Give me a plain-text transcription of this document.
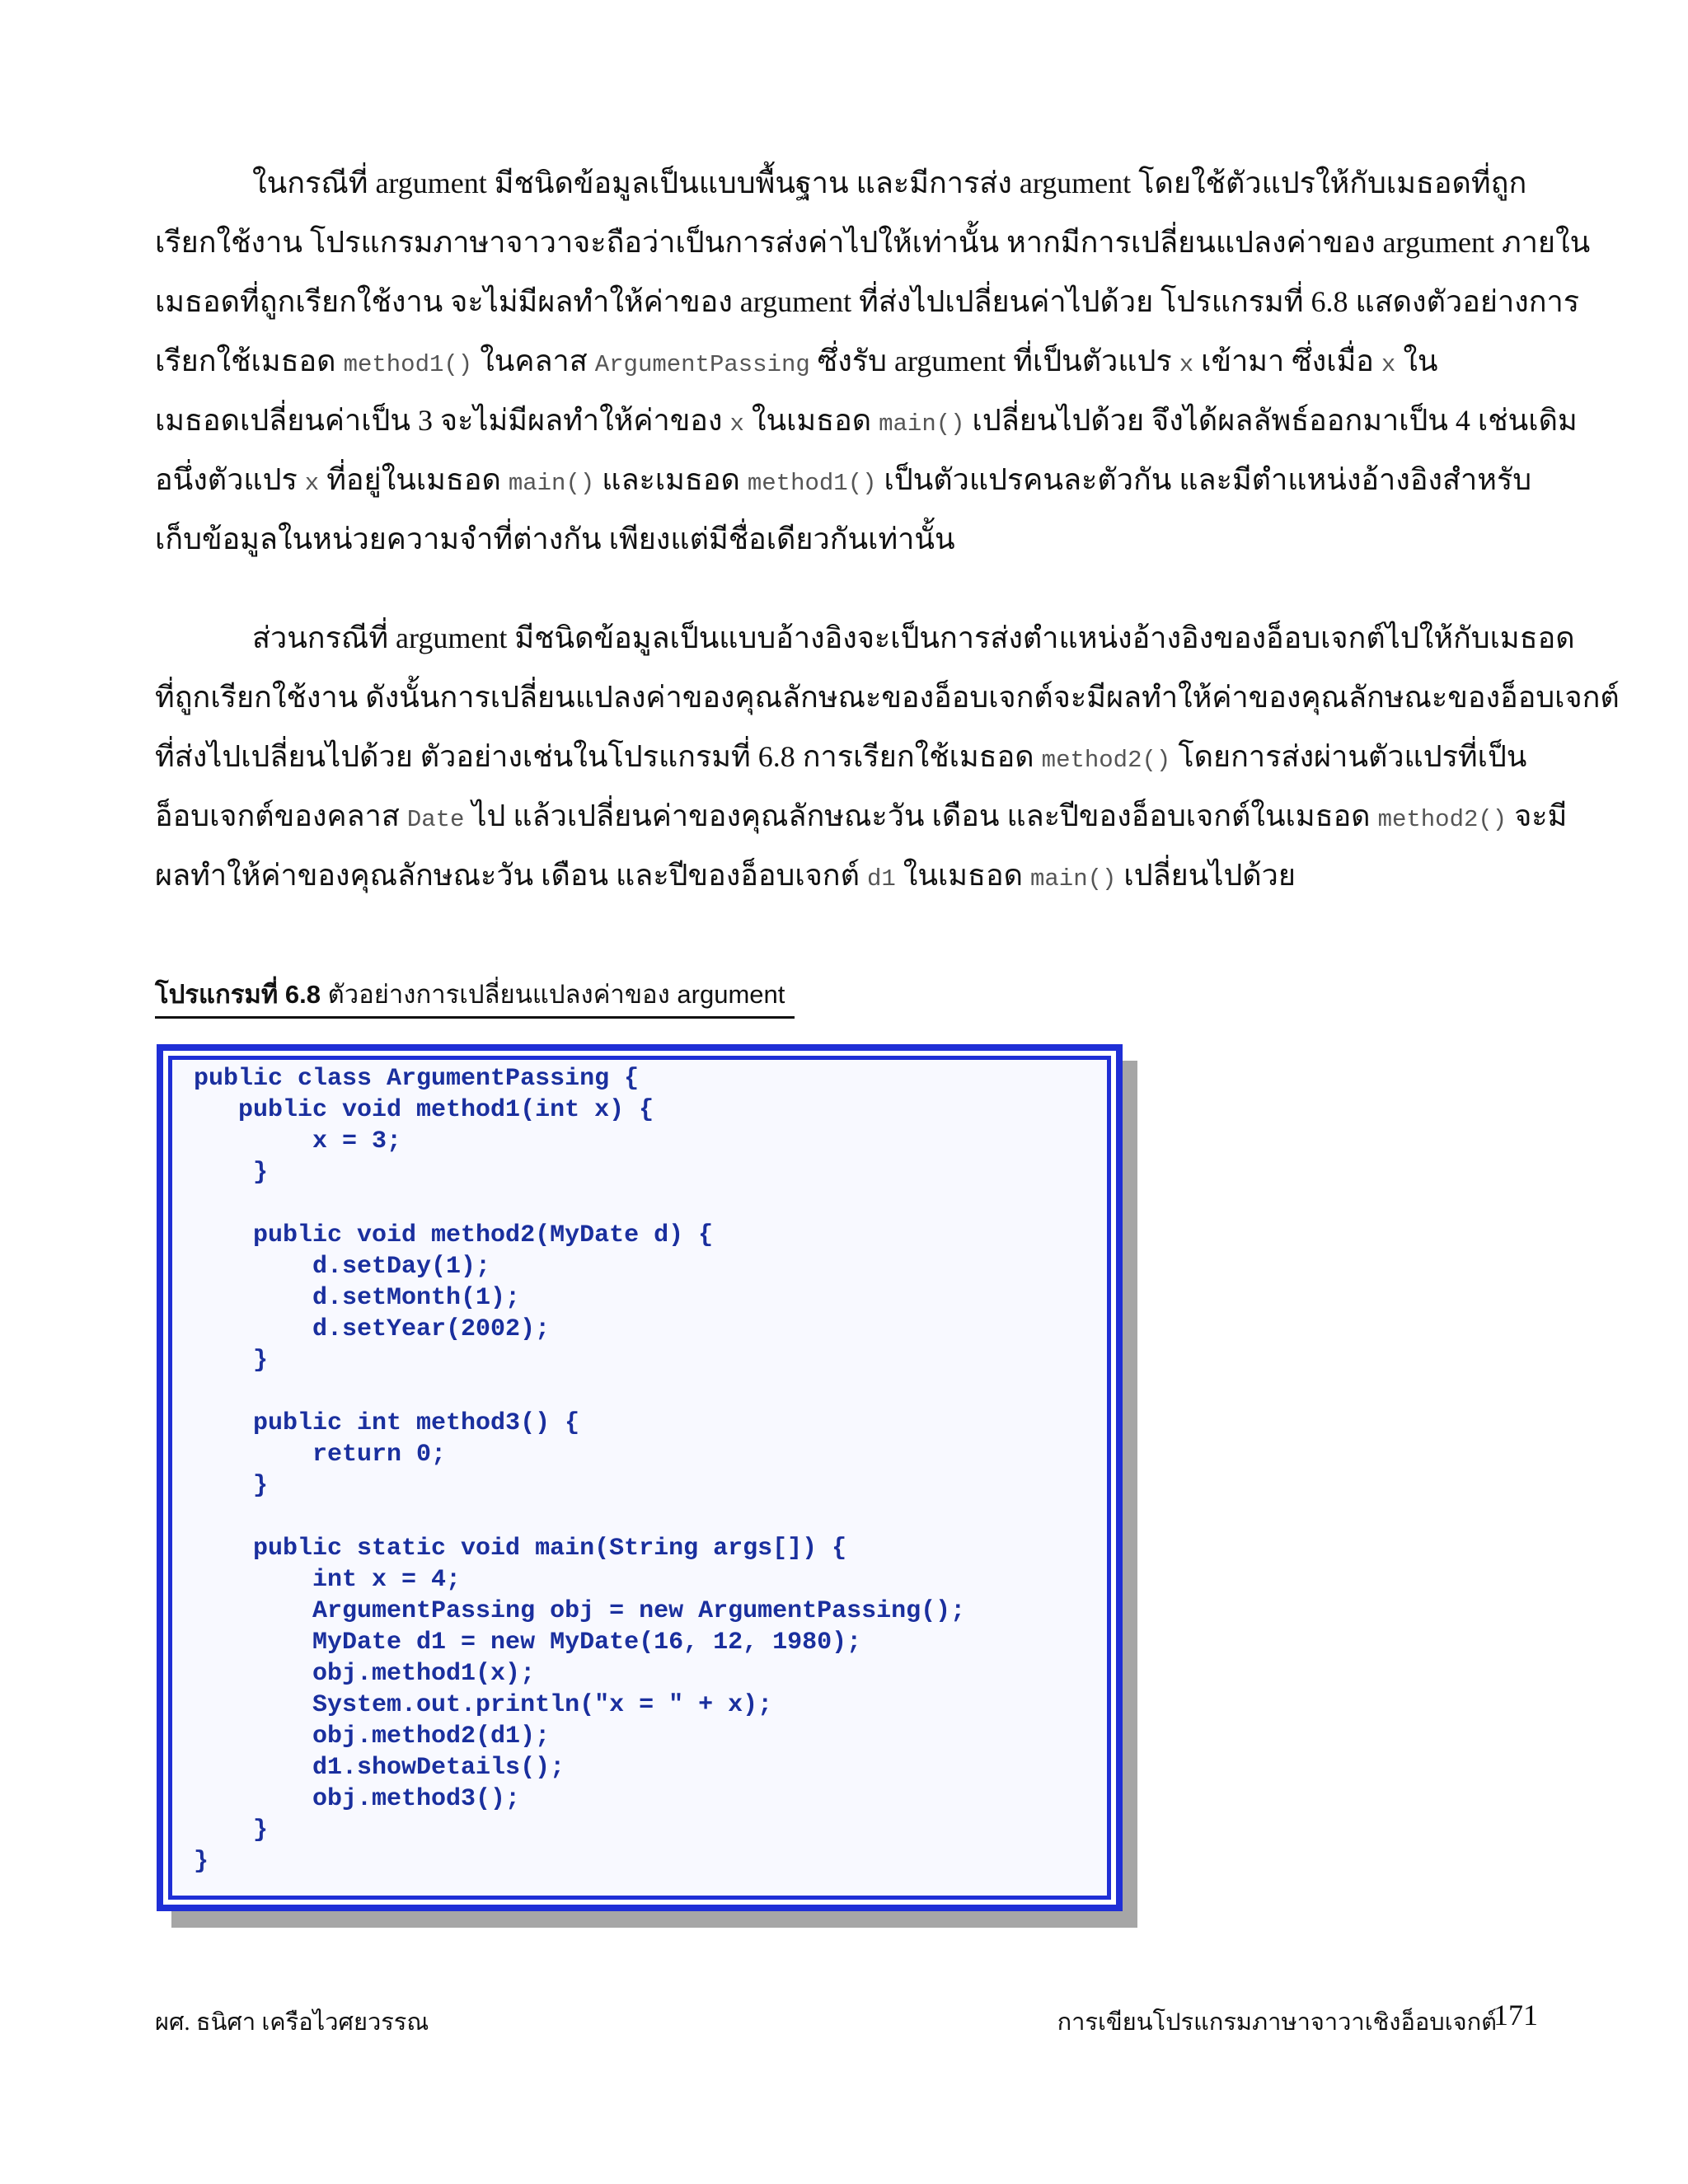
ในกรณีที่ argument มีชนิดข้อมูลเป็นแบบพื้นฐาน และมีการส่ง argument โดยใช้ตัวแปรให้กับเมธอดที่ถูก
เรียกใช้งาน โปรแกรมภาษาจาวาจะถือว่าเป็นการส่งค่าไปให้เท่านั้น หากมีการเปลี่ยนแปลงค่าของ argument ภายใน
เมธอดที่ถูกเรียกใช้งาน จะไม่มีผลทำให้ค่าของ argument ที่ส่งไปเปลี่ยนค่าไปด้วย โปรแกรมที่ 6.8 แสดงตัวอย่างการ
เรียกใช้เมธอด method1() ในคลาส ArgumentPassing ซึ่งรับ argument ที่เป็นตัวแปร x เข้ามา ซึ่งเมื่อ x ใน
เมธอดเปลี่ยนค่าเป็น 3 จะไม่มีผลทำให้ค่าของ x ในเมธอด main() เปลี่ยนไปด้วย จึงได้ผลลัพธ์ออกมาเป็น 4 เช่นเดิม
อนึ่งตัวแปร x ที่อยู่ในเมธอด main() และเมธอด method1() เป็นตัวแปรคนละตัวกัน และมีตำแหน่งอ้างอิงสำหรับ
เก็บข้อมูลในหน่วยความจำที่ต่างกัน เพียงแต่มีชื่อเดียวกันเท่านั้น
ส่วนกรณีที่ argument มีชนิดข้อมูลเป็นแบบอ้างอิงจะเป็นการส่งตำแหน่งอ้างอิงของอ็อบเจกต์ไปให้กับเมธอด
ที่ถูกเรียกใช้งาน ดังนั้นการเปลี่ยนแปลงค่าของคุณลักษณะของอ็อบเจกต์จะมีผลทำให้ค่าของคุณลักษณะของอ็อบเจกต์
ที่ส่งไปเปลี่ยนไปด้วย ตัวอย่างเช่นในโปรแกรมที่ 6.8 การเรียกใช้เมธอด method2() โดยการส่งผ่านตัวแปรที่เป็น
อ็อบเจกต์ของคลาส Date ไป แล้วเปลี่ยนค่าของคุณลักษณะวัน เดือน และปีของอ็อบเจกต์ในเมธอด method2() จะมี
ผลทำให้ค่าของคุณลักษณะวัน เดือน และปีของอ็อบเจกต์ d1 ในเมธอด main() เปลี่ยนไปด้วย
โปรแกรมที่ 6.8 ตัวอย่างการเปลี่ยนแปลงค่าของ argument
public class ArgumentPassing {
public void method1(int x) {
x = 3;
}
public void method2(MyDate d) {
d.setDay(1);
d.setMonth(1);
d.setYear(2002);
}
public int method3() {
return 0;
}
public static void main(String args[]) {
int x = 4;
ArgumentPassing obj = new ArgumentPassing();
MyDate d1 = new MyDate(16, 12, 1980);
obj.method1(x);
System.out.println("x = " + x);
obj.method2(d1);
d1.showDetails();
obj.method3();
}
}
ผศ. ธนิศา เครือไวศยวรรณ	การเขียนโปรแกรมภาษาจาวาเชิงอ็อบเจกต์
171
